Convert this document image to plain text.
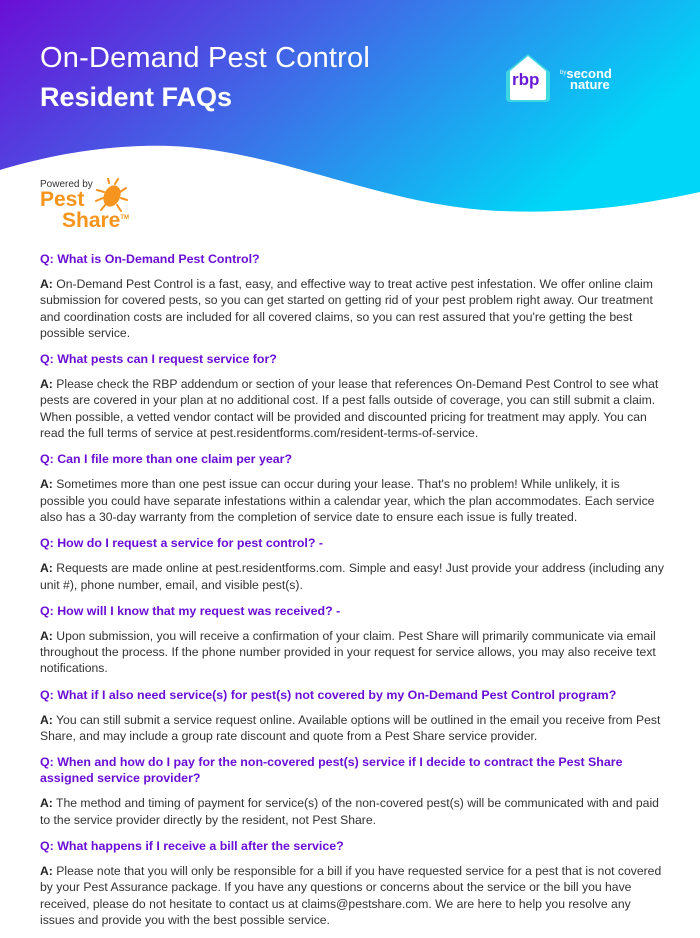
On-Demand Pest Control
Resident FAQs
rbp	$^{by}$second
nature
Powered by
Pest
Share™
Q: What is On-Demand Pest Control?
A: On-Demand Pest Control is a fast, easy, and effective way to treat active pest infestation. We offer online claim submission for covered pests, so you can get started on getting rid of your pest problem right away. Our treatment and coordination costs are included for all covered claims, so you can rest assured that you're getting the best possible service.
Q: What pests can I request service for?
A: Please check the RBP addendum or section of your lease that references On-Demand Pest Control to see what pests are covered in your plan at no additional cost. If a pest falls outside of coverage, you can still submit a claim. When possible, a vetted vendor contact will be provided and discounted pricing for treatment may apply. You can read the full terms of service at pest.residentforms.com/resident-terms-of-service.
Q: Can I file more than one claim per year?
A: Sometimes more than one pest issue can occur during your lease. That's no problem! While unlikely, it is possible you could have separate infestations within a calendar year, which the plan accommodates. Each service also has a 30-day warranty from the completion of service date to ensure each issue is fully treated.
Q: How do I request a service for pest control? -
A: Requests are made online at pest.residentforms.com. Simple and easy! Just provide your address (including any unit #), phone number, email, and visible pest(s).
Q: How will I know that my request was received? -
A: Upon submission, you will receive a confirmation of your claim. Pest Share will primarily communicate via email throughout the process. If the phone number provided in your request for service allows, you may also receive text notifications.
Q: What if I also need service(s) for pest(s) not covered by my On-Demand Pest Control program?
A: You can still submit a service request online. Available options will be outlined in the email you receive from Pest Share, and may include a group rate discount and quote from a Pest Share service provider.
Q: When and how do I pay for the non-covered pest(s) service if I decide to contract the Pest Share assigned service provider?
A: The method and timing of payment for service(s) of the non-covered pest(s) will be communicated with and paid to the service provider directly by the resident, not Pest Share.
Q: What happens if I receive a bill after the service?
A: Please note that you will only be responsible for a bill if you have requested service for a pest that is not covered by your Pest Assurance package. If you have any questions or concerns about the service or the bill you have received, please do not hesitate to contact us at claims@pestshare.com. We are here to help you resolve any issues and provide you with the best possible service.
